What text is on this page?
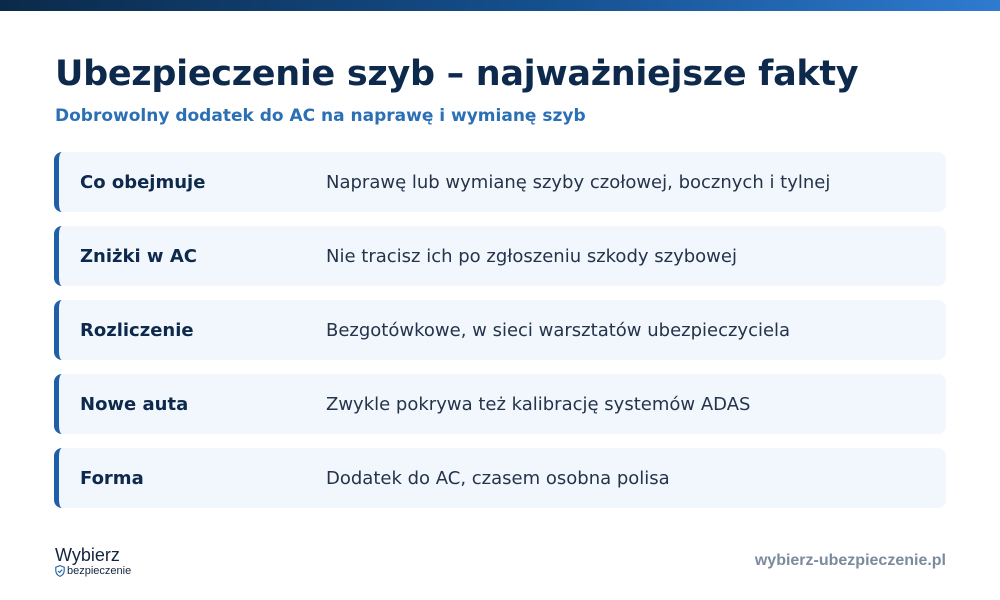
Ubezpieczenie szyb – najważniejsze fakty
Dobrowolny dodatek do AC na naprawę i wymianę szyb
Co obejmuje	Naprawę lub wymianę szyby czołowej, bocznych i tylnej
Zniżki w AC	Nie tracisz ich po zgłoszeniu szkody szybowej
Rozliczenie	Bezgotówkowe, w sieci warsztatów ubezpieczyciela
Nowe auta	Zwykle pokrywa też kalibrację systemów ADAS
Forma	Dodatek do AC, czasem osobna polisa
Wybierz
bezpieczenie
wybierz-ubezpieczenie.pl
